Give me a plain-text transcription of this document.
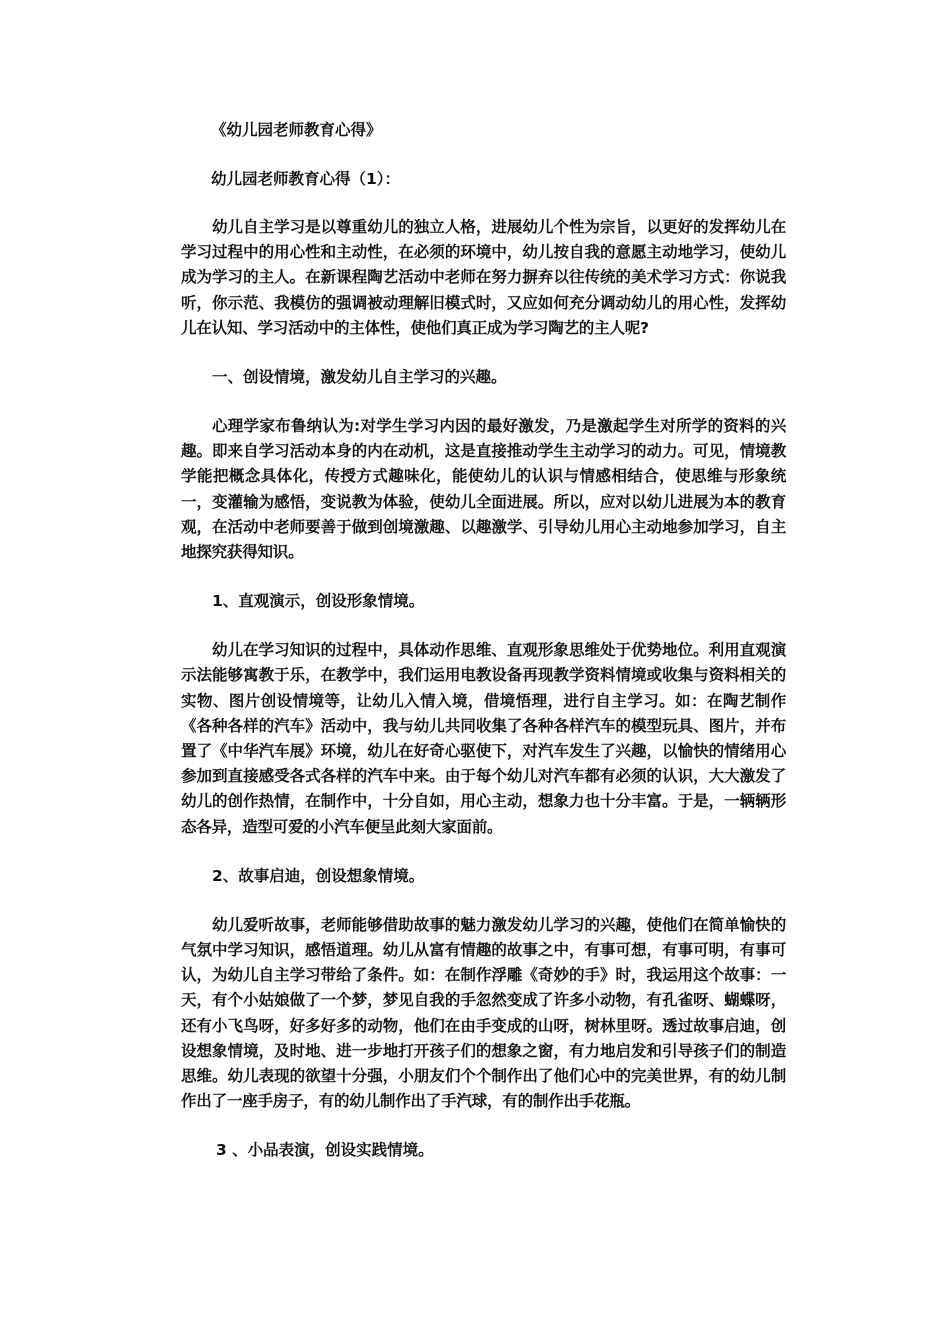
《幼儿园老师教育心得》

幼儿园老师教育心得（1）：

幼儿自主学习是以尊重幼儿的独立人格，进展幼儿个性为宗旨，以更好的发挥幼儿在学习过程中的用心性和主动性，在必须的环境中，幼儿按自我的意愿主动地学习，使幼儿成为学习的主人。在新课程陶艺活动中老师在努力摒弃以往传统的美术学习方式：你说我听，你示范、我模仿的强调被动理解旧模式时，又应如何充分调动幼儿的用心性，发挥幼儿在认知、学习活动中的主体性，使他们真正成为学习陶艺的主人呢?

一、创设情境，激发幼儿自主学习的兴趣。

心理学家布鲁纳认为:对学生学习内因的最好激发，乃是激起学生对所学的资料的兴趣。即来自学习活动本身的内在动机，这是直接推动学生主动学习的动力。可见，情境教学能把概念具体化，传授方式趣味化，能使幼儿的认识与情感相结合，使思维与形象统一，变灌输为感悟，变说教为体验，使幼儿全面进展。所以，应对以幼儿进展为本的教育观，在活动中老师要善于做到创境激趣、以趣激学、引导幼儿用心主动地参加学习，自主地探究获得知识。

1、直观演示，创设形象情境。

幼儿在学习知识的过程中，具体动作思维、直观形象思维处于优势地位。利用直观演示法能够寓教于乐，在教学中，我们运用电教设备再现教学资料情境或收集与资料相关的实物、图片创设情境等，让幼儿入情入境，借境悟理，进行自主学习。如：在陶艺制作《各种各样的汽车》活动中，我与幼儿共同收集了各种各样汽车的模型玩具、图片，并布置了《中华汽车展》环境，幼儿在好奇心驱使下，对汽车发生了兴趣，以愉快的情绪用心参加到直接感受各式各样的汽车中来。由于每个幼儿对汽车都有必须的认识，大大激发了幼儿的创作热情，在制作中，十分自如，用心主动，想象力也十分丰富。于是，一辆辆形态各异，造型可爱的小汽车便呈此刻大家面前。

2、故事启迪，创设想象情境。

幼儿爱听故事，老师能够借助故事的魅力激发幼儿学习的兴趣，使他们在简单愉快的气氛中学习知识，感悟道理。幼儿从富有情趣的故事之中，有事可想，有事可明，有事可认，为幼儿自主学习带给了条件。如：在制作浮雕《奇妙的手》时，我运用这个故事：一天，有个小姑娘做了一个梦，梦见自我的手忽然变成了许多小动物，有孔雀呀、蝴蝶呀，还有小飞鸟呀，好多好多的动物，他们在由手变成的山呀，树林里呀。透过故事启迪，创设想象情境，及时地、进一步地打开孩子们的想象之窗，有力地启发和引导孩子们的制造思维。幼儿表现的欲望十分强，小朋友们个个制作出了他们心中的完美世界，有的幼儿制作出了一座手房子，有的幼儿制作出了手汽球，有的制作出手花瓶。

3 、小品表演，创设实践情境。
